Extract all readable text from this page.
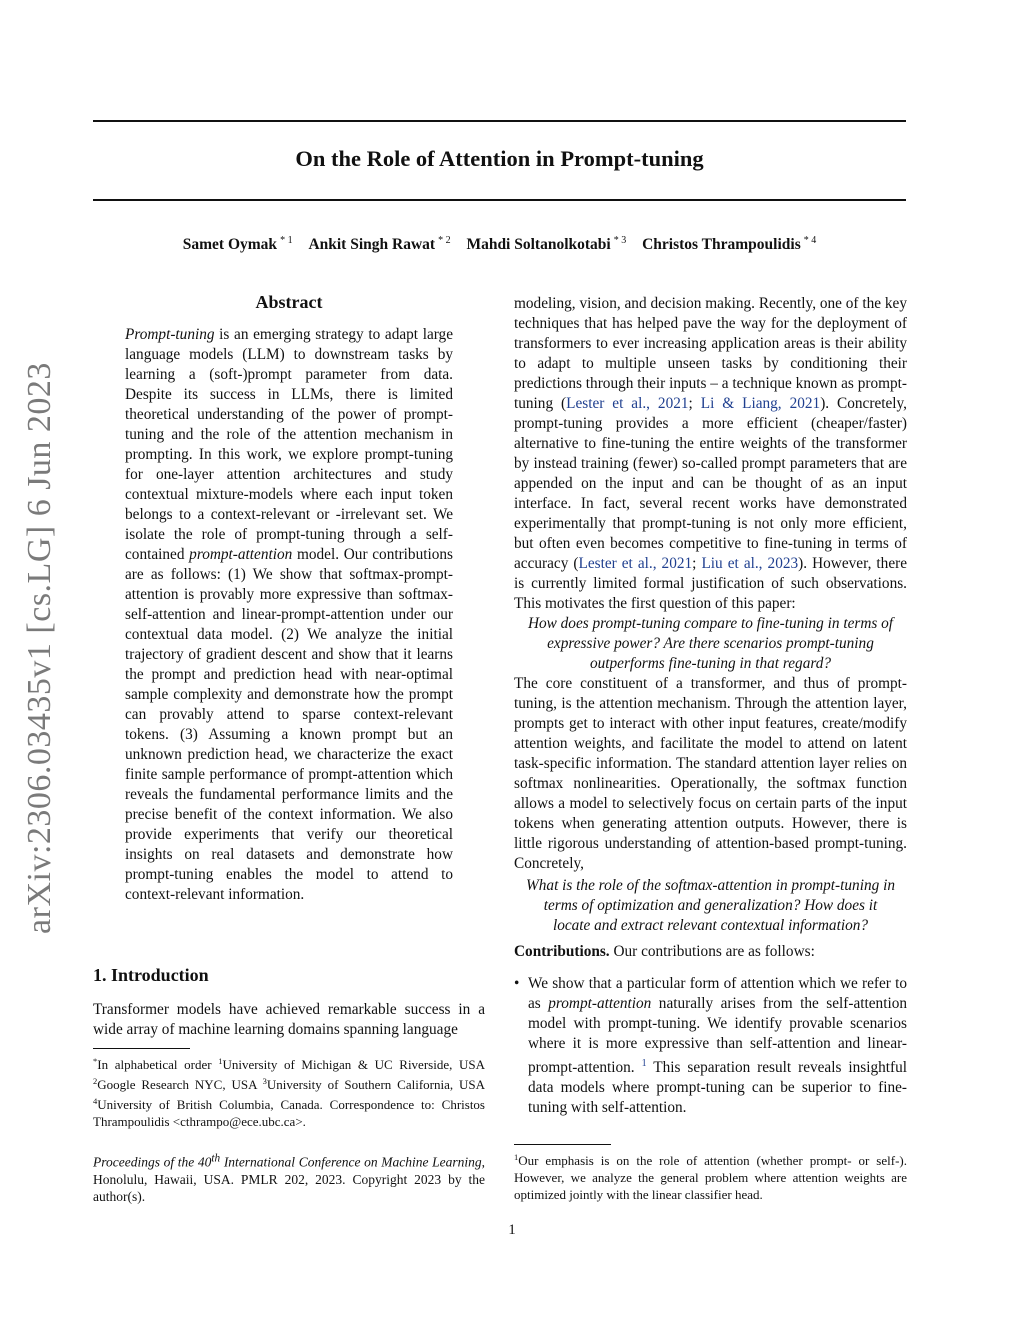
arXiv:2306.03435v1 [cs.LG] 6 Jun 2023
On the Role of Attention in Prompt-tuning
Samet Oymak $^{* 1}$ Ankit Singh Rawat $^{* 2}$ Mahdi Soltanolkotabi $^{* 3}$ Christos Thrampoulidis $^{* 4}$
Abstract

Prompt-tuning is an emerging strategy to adapt large language models (LLM) to downstream tasks by learning a (soft-)prompt parameter from data. Despite its success in LLMs, there is limited theoretical understanding of the power of prompt-tuning and the role of the attention mechanism in prompting. In this work, we explore prompt-tuning for one-layer attention architectures and study contextual mixture-models where each input token belongs to a context-relevant or -irrelevant set. We isolate the role of prompt-tuning through a self-contained prompt-attention model. Our contributions are as follows: (1) We show that softmax-prompt-attention is provably more expressive than softmax-self-attention and linear-prompt-attention under our contextual data model. (2) We analyze the initial trajectory of gradient descent and show that it learns the prompt and prediction head with near-optimal sample complexity and demonstrate how the prompt can provably attend to sparse context-relevant tokens. (3) Assuming a known prompt but an unknown prediction head, we characterize the exact finite sample performance of prompt-attention which reveals the fundamental performance limits and the precise benefit of the context information. We also provide experiments that verify our theoretical insights on real datasets and demonstrate how prompt-tuning enables the model to attend to context-relevant information.

1. Introduction

Transformer models have achieved remarkable success in a wide array of machine learning domains spanning language

*In alphabetical order $^1$University of Michigan & UC Riverside, USA $^2$Google Research NYC, USA $^3$University of Southern California, USA $^4$University of British Columbia, Canada. Correspondence to: Christos Thrampoulidis <cthrampo@ece.ubc.ca>.
Proceedings of the 40th International Conference on Machine Learning, Honolulu, Hawaii, USA. PMLR 202, 2023. Copyright 2023 by the author(s).

modeling, vision, and decision making. Recently, one of the key techniques that has helped pave the way for the deployment of transformers to ever increasing application areas is their ability to adapt to multiple unseen tasks by conditioning their predictions through their inputs – a technique known as prompt-tuning (Lester et al., 2021; Li & Liang, 2021). Concretely, prompt-tuning provides a more efficient (cheaper/faster) alternative to fine-tuning the entire weights of the transformer by instead training (fewer) so-called prompt parameters that are appended on the input and can be thought of as an input interface. In fact, several recent works have demonstrated experimentally that prompt-tuning is not only more efficient, but often even becomes competitive to fine-tuning in terms of accuracy (Lester et al., 2021; Liu et al., 2023). However, there is currently limited formal justification of such observations. This motivates the first question of this paper:

How does prompt-tuning compare to fine-tuning in terms of expressive power? Are there scenarios prompt-tuning outperforms fine-tuning in that regard?

The core constituent of a transformer, and thus of prompt-tuning, is the attention mechanism. Through the attention layer, prompts get to interact with other input features, create/modify attention weights, and facilitate the model to attend on latent task-specific information. The standard attention layer relies on softmax nonlinearities. Operationally, the softmax function allows a model to selectively focus on certain parts of the input tokens when generating attention outputs. However, there is little rigorous understanding of attention-based prompt-tuning. Concretely,

What is the role of the softmax-attention in prompt-tuning in terms of optimization and generalization? How does it locate and extract relevant contextual information?

Contributions. Our contributions are as follows:

• We show that a particular form of attention which we refer to as prompt-attention naturally arises from the self-attention model with prompt-tuning. We identify provable scenarios where it is more expressive than self-attention and linear-prompt-attention. $^1$ This separation result reveals insightful data models where prompt-tuning can be superior to fine-tuning with self-attention.
$^1$Our emphasis is on the role of attention (whether prompt- or self-). However, we analyze the general problem where attention weights are optimized jointly with the linear classifier head.
1
